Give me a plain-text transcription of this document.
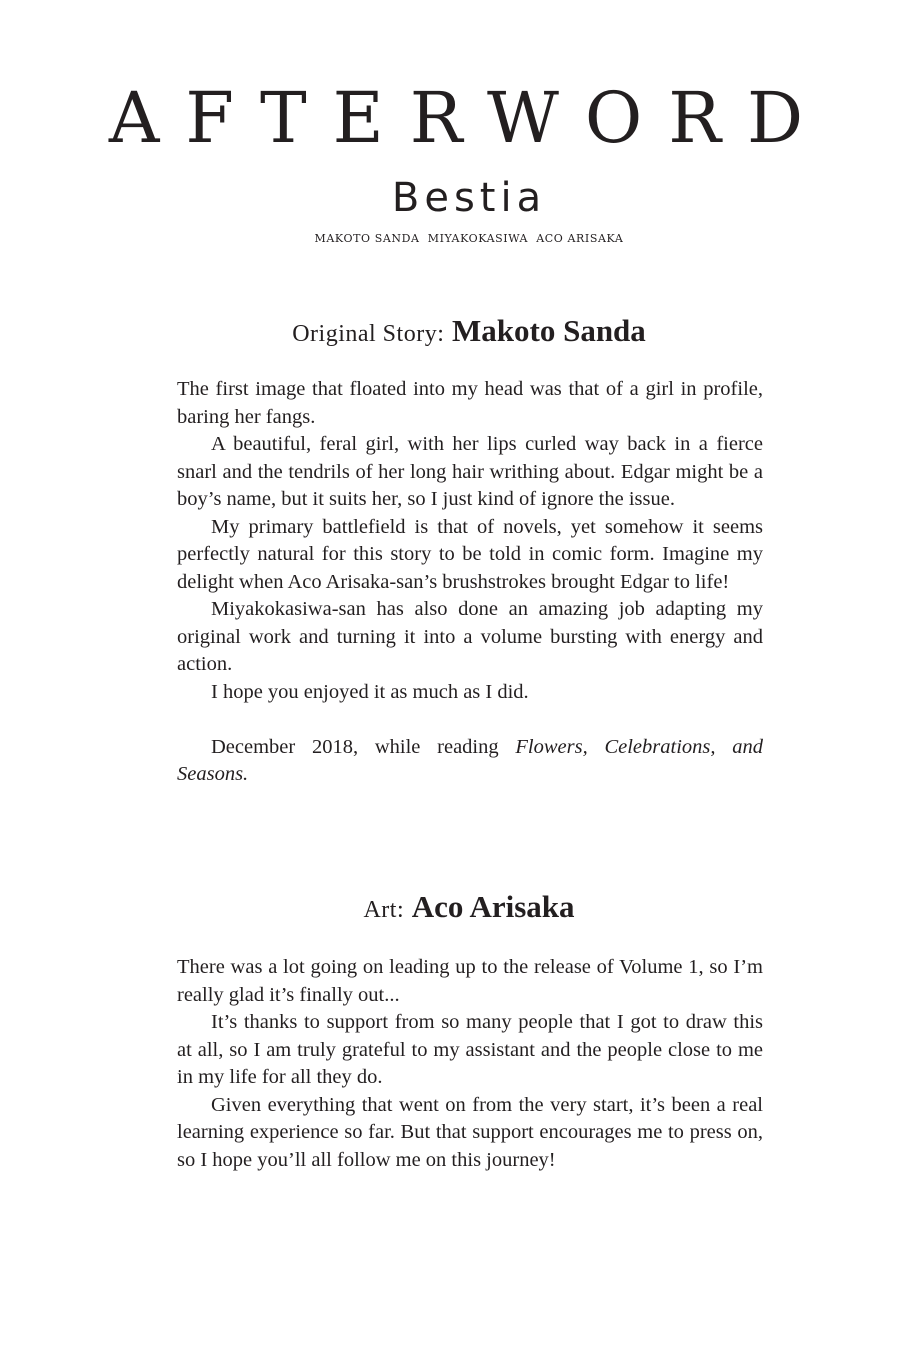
AFTERWORD
Bestia
MAKOTO SANDA MIYAKOKASIWA ACO ARISAKA
Original Story: Makoto Sanda

The first image that floated into my head was that of a girl in profile, baring her fangs.

A beautiful, feral girl, with her lips curled way back in a fierce snarl and the tendrils of her long hair writhing about. Edgar might be a boy’s name, but it suits her, so I just kind of ignore the issue.

My primary battlefield is that of novels, yet somehow it seems perfectly natural for this story to be told in comic form. Imagine my delight when Aco Arisaka-san’s brushstrokes brought Edgar to life!

Miyakokasiwa-san has also done an amazing job adapting my original work and turning it into a volume bursting with energy and action.

I hope you enjoyed it as much as I did.

December 2018, while reading Flowers, Celebrations, and Seasons.

Art: Aco Arisaka

There was a lot going on leading up to the release of Volume 1, so I’m really glad it’s finally out...

It’s thanks to support from so many people that I got to draw this at all, so I am truly grateful to my assistant and the people close to me in my life for all they do.

Given everything that went on from the very start, it’s been a real learning experience so far. But that support encourages me to press on, so I hope you’ll all follow me on this journey!
